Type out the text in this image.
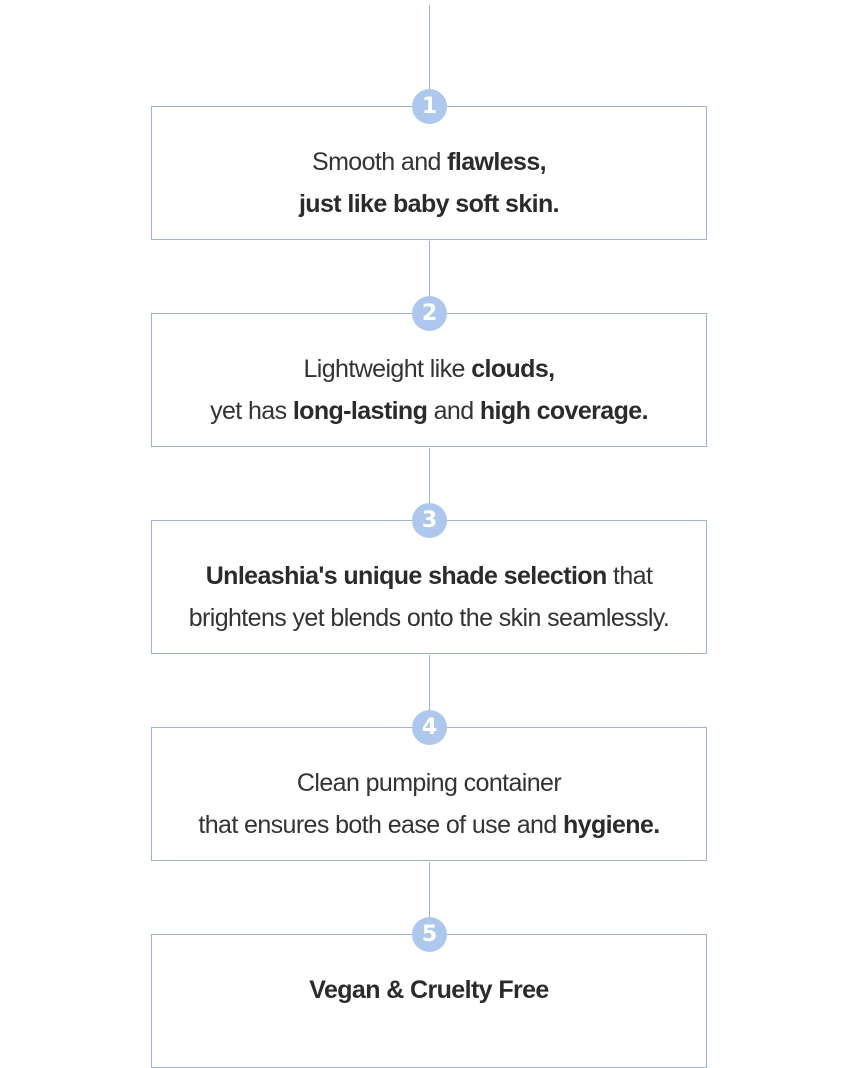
Smooth and flawless,
just like baby soft skin.
Lightweight like clouds,
yet has long-lasting and high coverage.
Unleashia's unique shade selection that
brightens yet blends onto the skin seamlessly.
Clean pumping container
that ensures both ease of use and hygiene.
Vegan & Cruelty Free
1
2
3
4
5
